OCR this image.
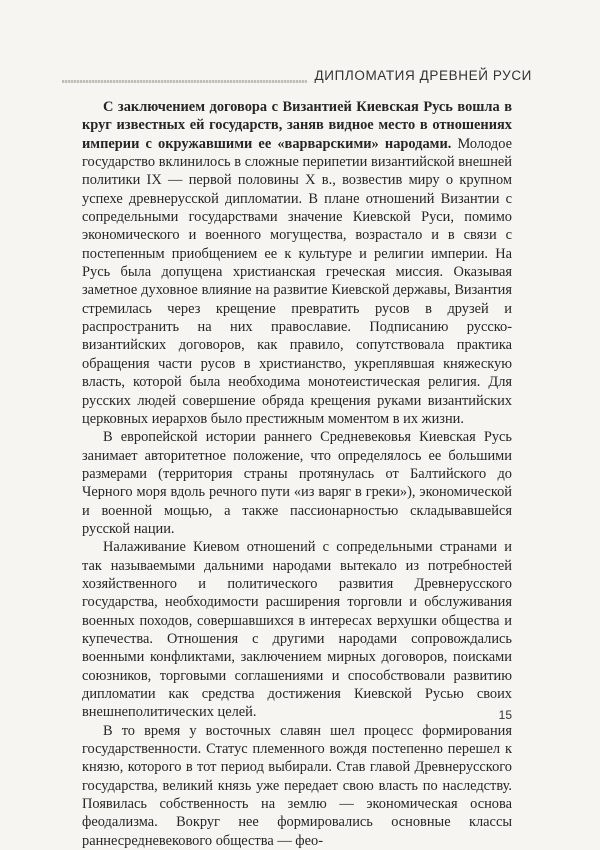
ДИПЛОМАТИЯ ДРЕВНЕЙ РУСИ

С заключением договора с Византией Киевская Русь вошла в круг известных ей государств, заняв видное место в отношениях империи с окружавшими ее «варварскими» народами. Молодое государство вклинилось в сложные перипетии византийской внешней политики IX — первой половины X в., возвестив миру о крупном успехе древнерусской дипломатии. В плане отношений Византии с сопредельными государствами значение Киевской Руси, помимо экономического и военного могущества, возрастало и в связи с постепенным приобщением ее к культуре и религии империи. На Русь была допущена христианская греческая миссия. Оказывая заметное духовное влияние на развитие Киевской державы, Византия стремилась через крещение превратить русов в друзей и распространить на них православие. Подписанию русско-византийских договоров, как правило, сопутствовала практика обращения части русов в христианство, укреплявшая княжескую власть, которой была необходима монотеистическая религия. Для русских людей совершение обряда крещения руками византийских церковных иерархов было престижным моментом в их жизни.

В европейской истории раннего Средневековья Киевская Русь занимает авторитетное положение, что определялось ее большими размерами (территория страны протянулась от Балтийского до Черного моря вдоль речного пути «из варяг в греки»), экономической и военной мощью, а также пассионарностью складывавшейся русской нации.

Налаживание Киевом отношений с сопредельными странами и так называемыми дальними народами вытекало из потребностей хозяйственного и политического развития Древнерусского государства, необходимости расширения торговли и обслуживания военных походов, совершавшихся в интересах верхушки общества и купечества. Отношения с другими народами сопровождались военными конфликтами, заключением мирных договоров, поисками союзников, торговыми соглашениями и способствовали развитию дипломатии как средства достижения Киевской Русью своих внешнеполитических целей.

В то время у восточных славян шел процесс формирования государственности. Статус племенного вождя постепенно перешел к князю, которого в тот период выбирали. Став главой Древнерусского государства, великий князь уже передает свою власть по наследству. Появилась собственность на землю — экономическая основа феодализма. Вокруг нее формировались основные классы раннесредневекового общества — фео-

15
